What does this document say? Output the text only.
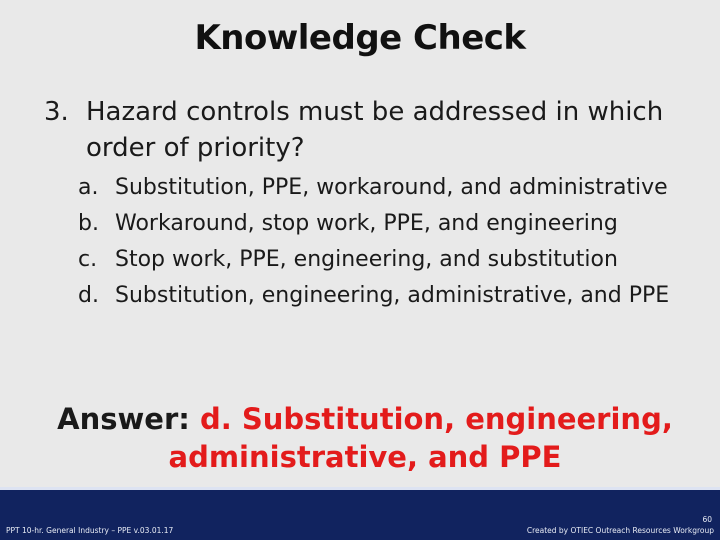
Knowledge Check
3. Hazard controls must be addressed in which order of priority?
a. Substitution, PPE, workaround, and administrative
b. Workaround, stop work, PPE, and engineering
c. Stop work, PPE, engineering, and substitution
d. Substitution, engineering, administrative, and PPE
Answer: d. Substitution, engineering, administrative, and PPE
PPT 10-hr. General Industry – PPE v.03.01.17
60
Created by OTIEC Outreach Resources Workgroup
